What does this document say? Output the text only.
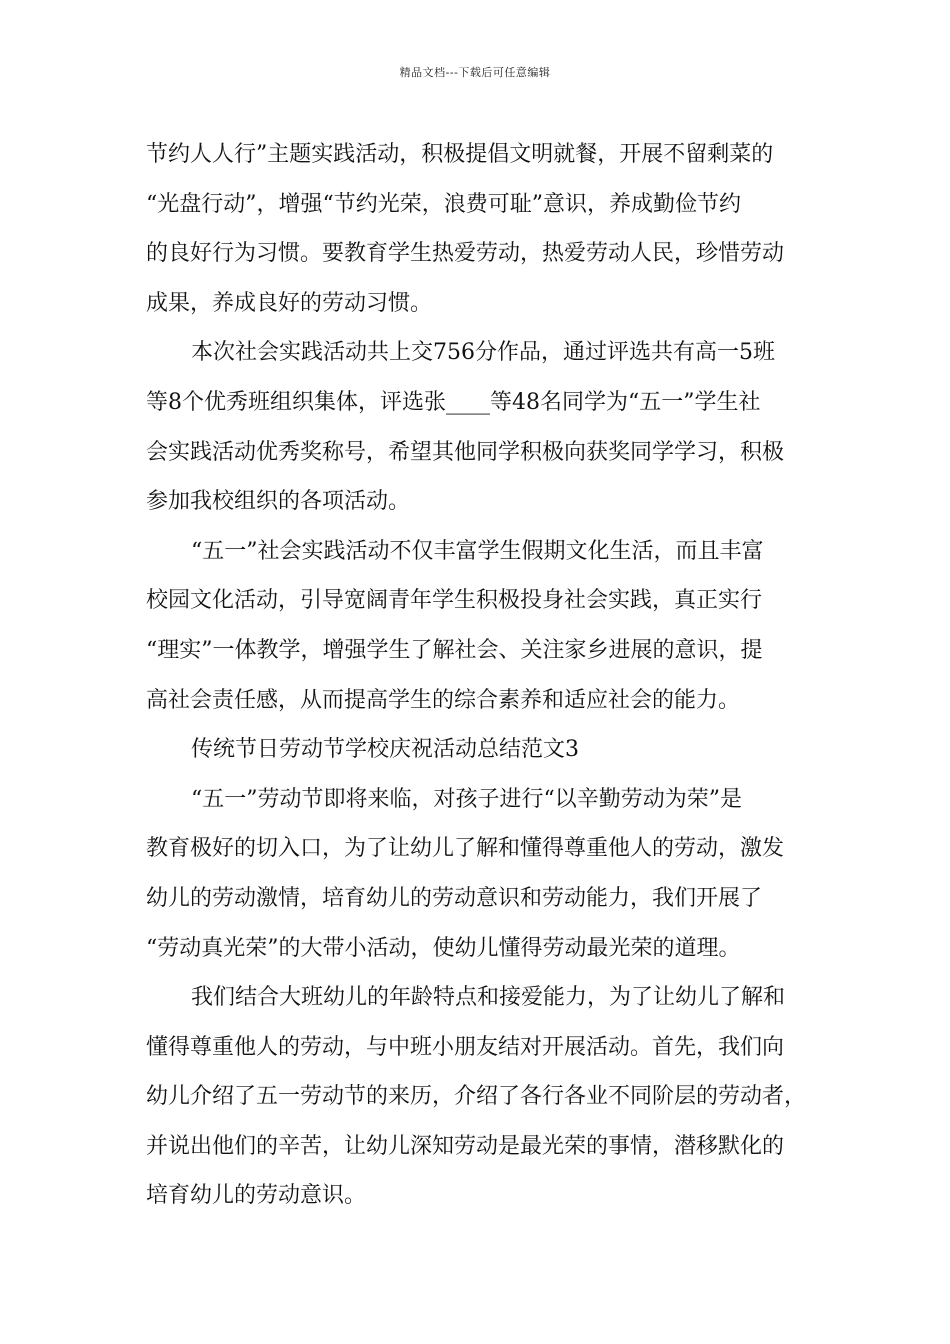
精品文档---下载后可任意编辑
节约人人行”主题实践活动，积极提倡文明就餐，开展不留剩菜的
“光盘行动”，增强“节约光荣，浪费可耻”意识，养成勤俭节约
的良好行为习惯。要教育学生热爱劳动，热爱劳动人民，珍惜劳动
成果，养成良好的劳动习惯。
本次社会实践活动共上交756分作品，通过评选共有高一5班
等8个优秀班组织集体，评选张____等48名同学为“五一”学生社
会实践活动优秀奖称号，希望其他同学积极向获奖同学学习，积极
参加我校组织的各项活动。
“五一”社会实践活动不仅丰富学生假期文化生活，而且丰富
校园文化活动，引导宽阔青年学生积极投身社会实践，真正实行
“理实”一体教学，增强学生了解社会、关注家乡进展的意识，提
高社会责任感，从而提高学生的综合素养和适应社会的能力。
传统节日劳动节学校庆祝活动总结范文3
“五一”劳动节即将来临，对孩子进行“以辛勤劳动为荣”是
教育极好的切入口，为了让幼儿了解和懂得尊重他人的劳动，激发
幼儿的劳动激情，培育幼儿的劳动意识和劳动能力，我们开展了
“劳动真光荣”的大带小活动，使幼儿懂得劳动最光荣的道理。
我们结合大班幼儿的年龄特点和接爱能力，为了让幼儿了解和
懂得尊重他人的劳动，与中班小朋友结对开展活动。首先，我们向
幼儿介绍了五一劳动节的来历，介绍了各行各业不同阶层的劳动者，
并说出他们的辛苦，让幼儿深知劳动是最光荣的事情，潜移默化的
培育幼儿的劳动意识。
